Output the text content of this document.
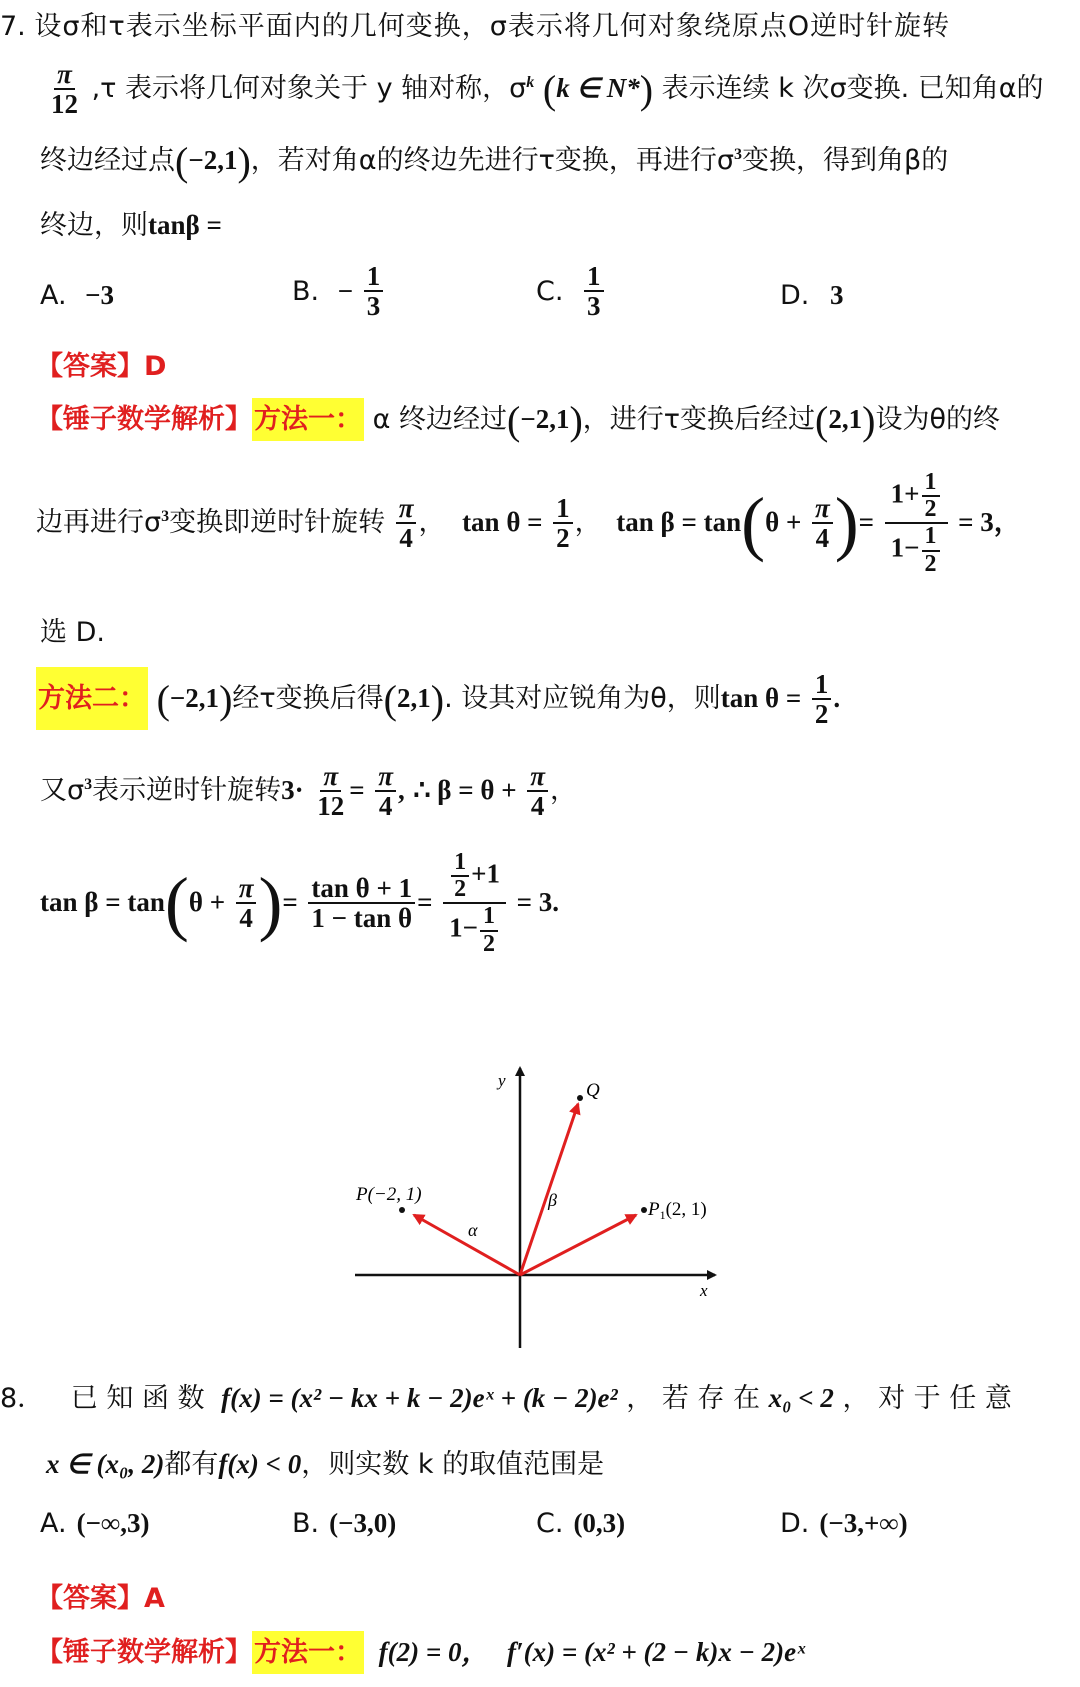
7. 设σ和τ表示坐标平面内的几何变换，σ表示将几何对象绕原点O逆时针旋转
$\frac{\pi}{12} ,\tau$ 表示将几何对象关于 y 轴对称，$\sigma^k$ (k ∈ N*) 表示连续 k 次σ变换. 已知角α的
终边经过点(−2,1)，若对角α的终边先进行τ变换，再进行$\sigma^3$变换，得到角β的
终边，则tanβ =
A. −3	B. − $\frac{1}{3}$	C. $\frac{1}{3}$	D. 3
【答案】D
【锤子数学解析】方法一： α 终边经过(−2,1)，进行τ变换后经过(2,1)设为θ的终
边再进行$\sigma^3$变换即逆时针旋转 $\frac{\pi}{4}$ ， $\tan \theta = \frac{1}{2}$ ， $\tan \beta = \tan(\theta + \frac{\pi}{4}$ )= $\frac{1+ \frac{1}{2}}{1- \frac{1}{2}} = 3$，
选 D.
方法二： (−2,1)经τ变换后得(2,1). 设其对应锐角为θ，则$\tan \theta = \frac{1}{2}$ .
又$\sigma^3$表示逆时针旋转$3\cdot \frac{\pi}{12} = \frac{\pi}{4}$ , ∴ $\beta = \theta + \frac{\pi}{4}$ ，
$\tan \beta = \tan(\theta + \frac{\pi}{4}$ )= $\frac{\text{tan θ + 1}}{\text{1 − tan θ}} = \frac{\frac{1}{2} +1}{1- \frac{1}{2}} = 3$.
x
y
P(−2, 1)
$P_1(2$, 1)
Q
α
β
8． 已 知 函 数 f(x) = (x² − kx + k − 2)eˣ + (k − 2)e² ， 若 存 在 x₀ < 2 ， 对 于 任 意
x ∈ (x₀, 2)都有f(x) < 0，则实数 k 的取值范围是
A. (−∞,3)	B. (−3,0)	C. (0,3)	D. (−3,+∞)
【答案】A
【锤子数学解析】方法一： f(2) = 0， f′(x) = (x² + (2 − k)x − 2)eˣ
